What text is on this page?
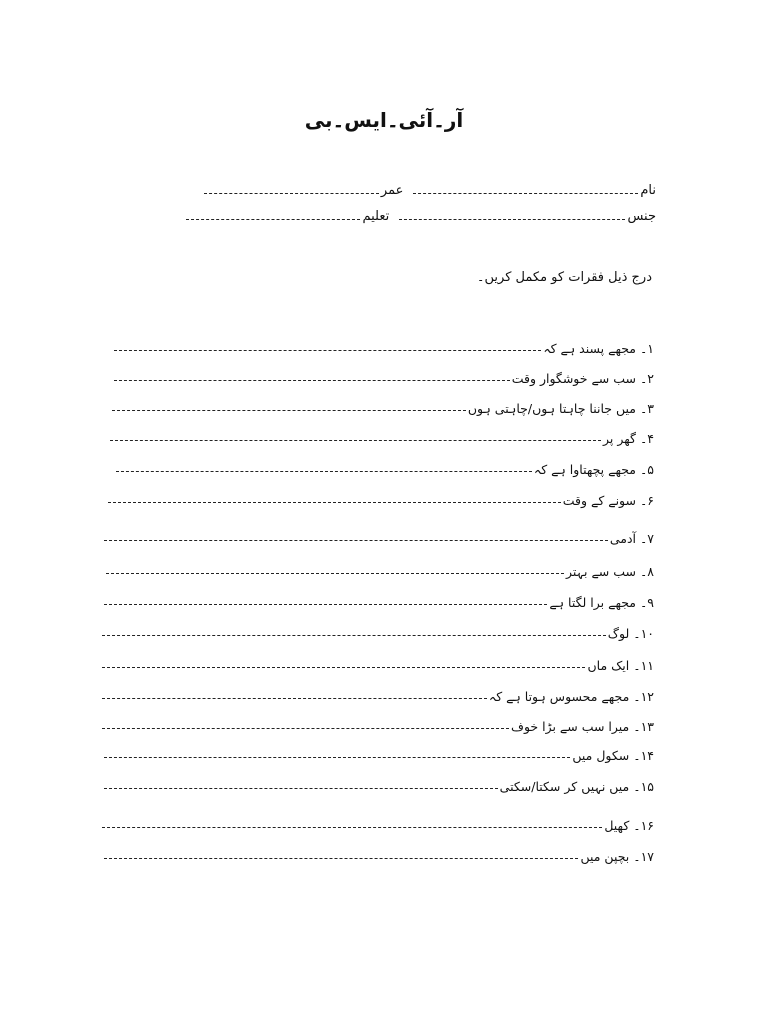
آر۔آئی۔ایس۔بی
نام
عمر
جنس
تعلیم
درج ذیل فقرات کو مکمل کریں۔
۱۔ مجھے پسند ہے کہ
۲۔ سب سے خوشگوار وقت
۳۔ میں جاننا چاہتا ہوں/چاہتی ہوں
۴۔ گھر پر
۵۔ مجھے پچھتاوا ہے کہ
۶۔ سونے کے وقت
۷۔ آدمی
۸۔ سب سے بہتر
۹۔ مجھے برا لگتا ہے
۱۰۔ لوگ
۱۱۔ ایک ماں
۱۲۔ مجھے محسوس ہوتا ہے کہ
۱۳۔ میرا سب سے بڑا خوف
۱۴۔ سکول میں
۱۵۔ میں نہیں کر سکتا/سکتی
۱۶۔ کھیل
۱۷۔ بچپن میں
